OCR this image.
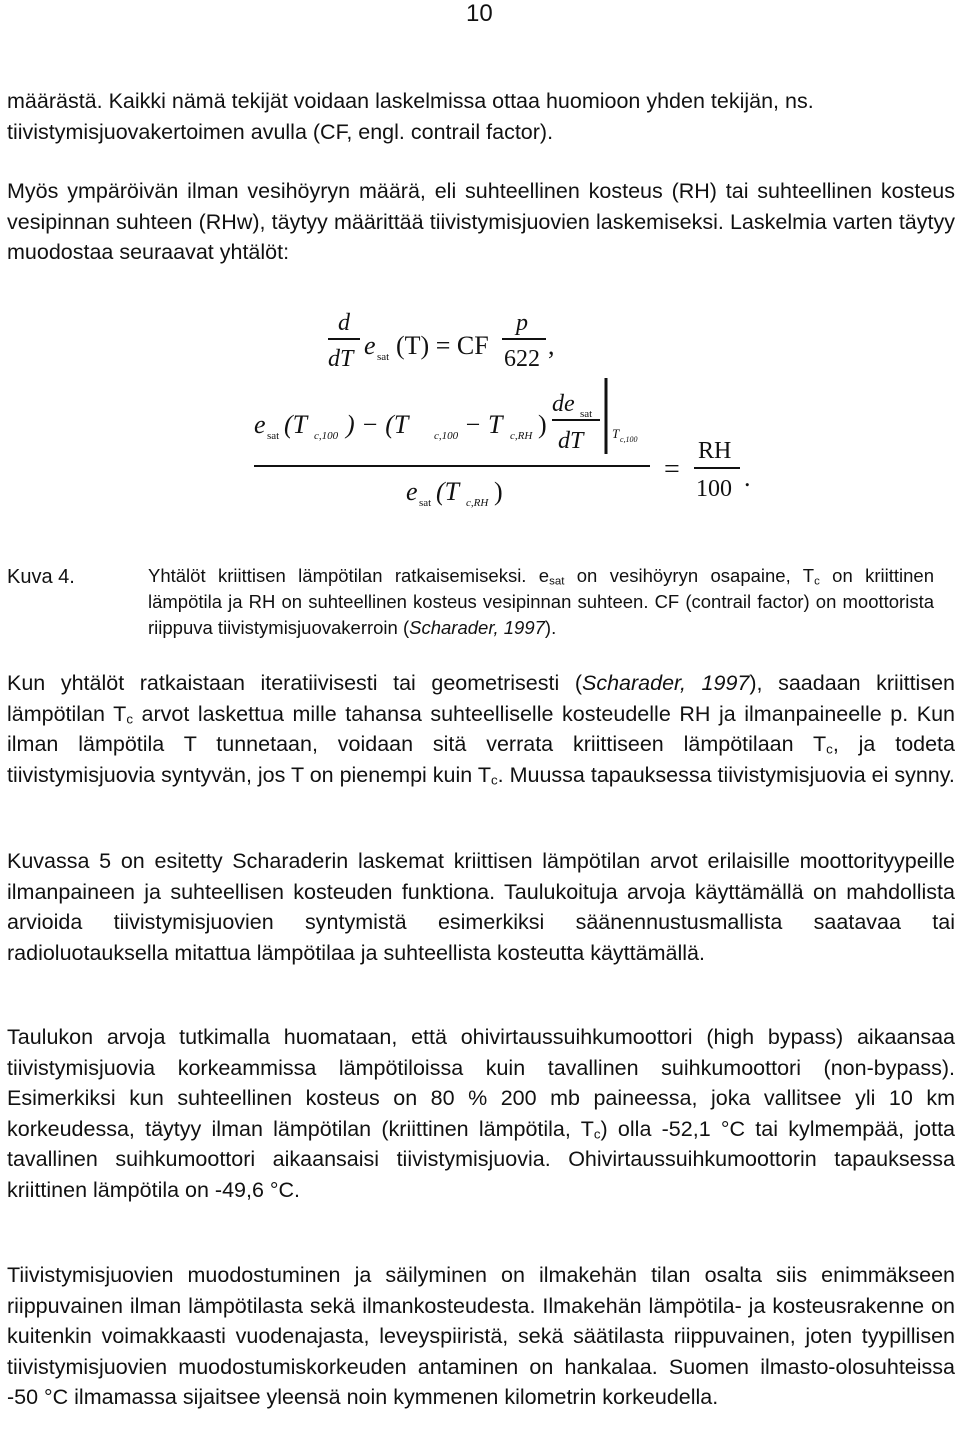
10

määrästä. Kaikki nämä tekijät voidaan laskelmissa ottaa huomioon yhden tekijän, ns. tiivistymisjuovakertoimen avulla (CF, engl. contrail factor).

Myös ympäröivän ilman vesihöyryn määrä, eli suhteellinen kosteus (RH) tai suhteellinen kosteus vesipinnan suhteen (RHw), täytyy määrittää tiivistymisjuovien laskemiseksi. Laskelmia varten täytyy muodostaa seuraavat yhtälöt:

d
dT e sat (T) = CF
p
622 ,
e sat (T c,100 ) − (T c,100 − T c,RH )
de sat
dT T c,100
e sat (T c,RH )
=
RH
100 .
Kuva 4.	Yhtälöt kriittisen lämpötilan ratkaisemiseksi. $e_{sat}$ on vesihöyryn osapaine, $T_c$ on kriittinen lämpötila ja RH on suhteellinen kosteus vesipinnan suhteen. CF (contrail factor) on moottorista riippuva tiivistymisjuovakerroin (Scharader, 1997).

Kun yhtälöt ratkaistaan iteratiivisesti tai geometrisesti (Scharader, 1997), saadaan kriittisen lämpötilan $T_c$ arvot laskettua mille tahansa suhteelliselle kosteudelle RH ja ilmanpaineelle p. Kun ilman lämpötila T tunnetaan, voidaan sitä verrata kriittiseen lämpötilaan $T_c$, ja todeta tiivistymisjuovia syntyvän, jos T on pienempi kuin $T_c$. Muussa tapauksessa tiivistymisjuovia ei synny.

Kuvassa 5 on esitetty Scharaderin laskemat kriittisen lämpötilan arvot erilaisille moottorityypeille ilmanpaineen ja suhteellisen kosteuden funktiona. Taulukoituja arvoja käyttämällä on mahdollista arvioida tiivistymisjuovien syntymistä esimerkiksi säänennustusmallista saatavaa tai radioluotauksella mitattua lämpötilaa ja suhteellista kosteutta käyttämällä.

Taulukon arvoja tutkimalla huomataan, että ohivirtaussuihkumoottori (high bypass) aikaansaa tiivistymisjuovia korkeammissa lämpötiloissa kuin tavallinen suihkumoottori (non-bypass). Esimerkiksi kun suhteellinen kosteus on 80 % 200 mb paineessa, joka vallitsee yli 10 km korkeudessa, täytyy ilman lämpötilan (kriittinen lämpötila, $T_c$) olla -52,1 °C tai kylmempää, jotta tavallinen suihkumoottori aikaansaisi tiivistymisjuovia. Ohivirtaussuihkumoottorin tapauksessa kriittinen lämpötila on -49,6 °C.

Tiivistymisjuovien muodostuminen ja säilyminen on ilmakehän tilan osalta siis enimmäkseen riippuvainen ilman lämpötilasta sekä ilmankosteudesta. Ilmakehän lämpötila- ja kosteusrakenne on kuitenkin voimakkaasti vuodenajasta, leveyspiiristä, sekä säätilasta riippuvainen, joten tyypillisen tiivistymisjuovien muodostumiskorkeuden antaminen on hankalaa. Suomen ilmasto-olosuhteissa -50 °C ilmamassa sijaitsee yleensä noin kymmenen kilometrin korkeudella.
